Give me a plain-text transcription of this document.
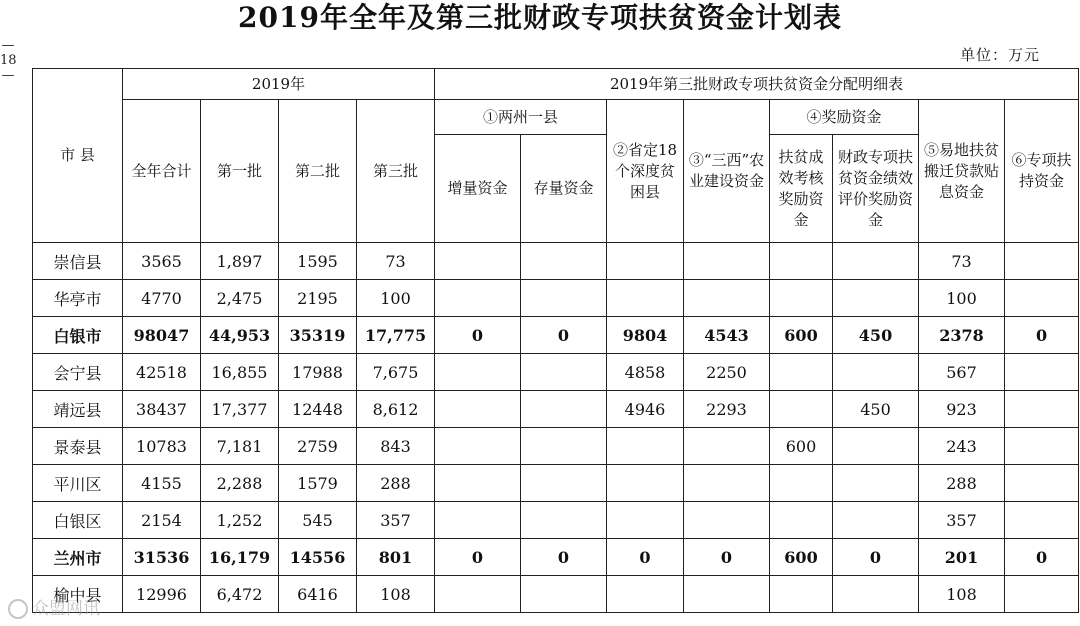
2019年全年及第三批财政专项扶贫资金计划表
— 18 —
单位：万元
市 县	2019年				2019年第三批财政专项扶贫资金分配明细表							
	全年合计	第一批	第二批	第三批	①两州一县		②省定18个深度贫困县	③“三西”农业建设资金	④奖励资金		⑤易地扶贫搬迁贷款贴息资金	⑥专项扶持资金
					增量资金	存量资金			扶贫成效考核奖励资金	财政专项扶贫资金绩效评价奖励资金		
崇信县	3565	1,897	1595	73							73	
华亭市	4770	2,475	2195	100							100	
白银市	98047	44,953	35319	17,775	0	0	9804	4543	600	450	2378	0
会宁县	42518	16,855	17988	7,675			4858	2250			567	
靖远县	38437	17,377	12448	8,612			4946	2293		450	923	
景泰县	10783	7,181	2759	843					600		243	
平川区	4155	2,288	1579	288							288	
白银区	2154	1,252	545	357							357	
兰州市	31536	16,179	14556	801	0	0	0	0	600	0	201	0
榆中县	12996	6,472	6416	108							108	
众盟网讯
